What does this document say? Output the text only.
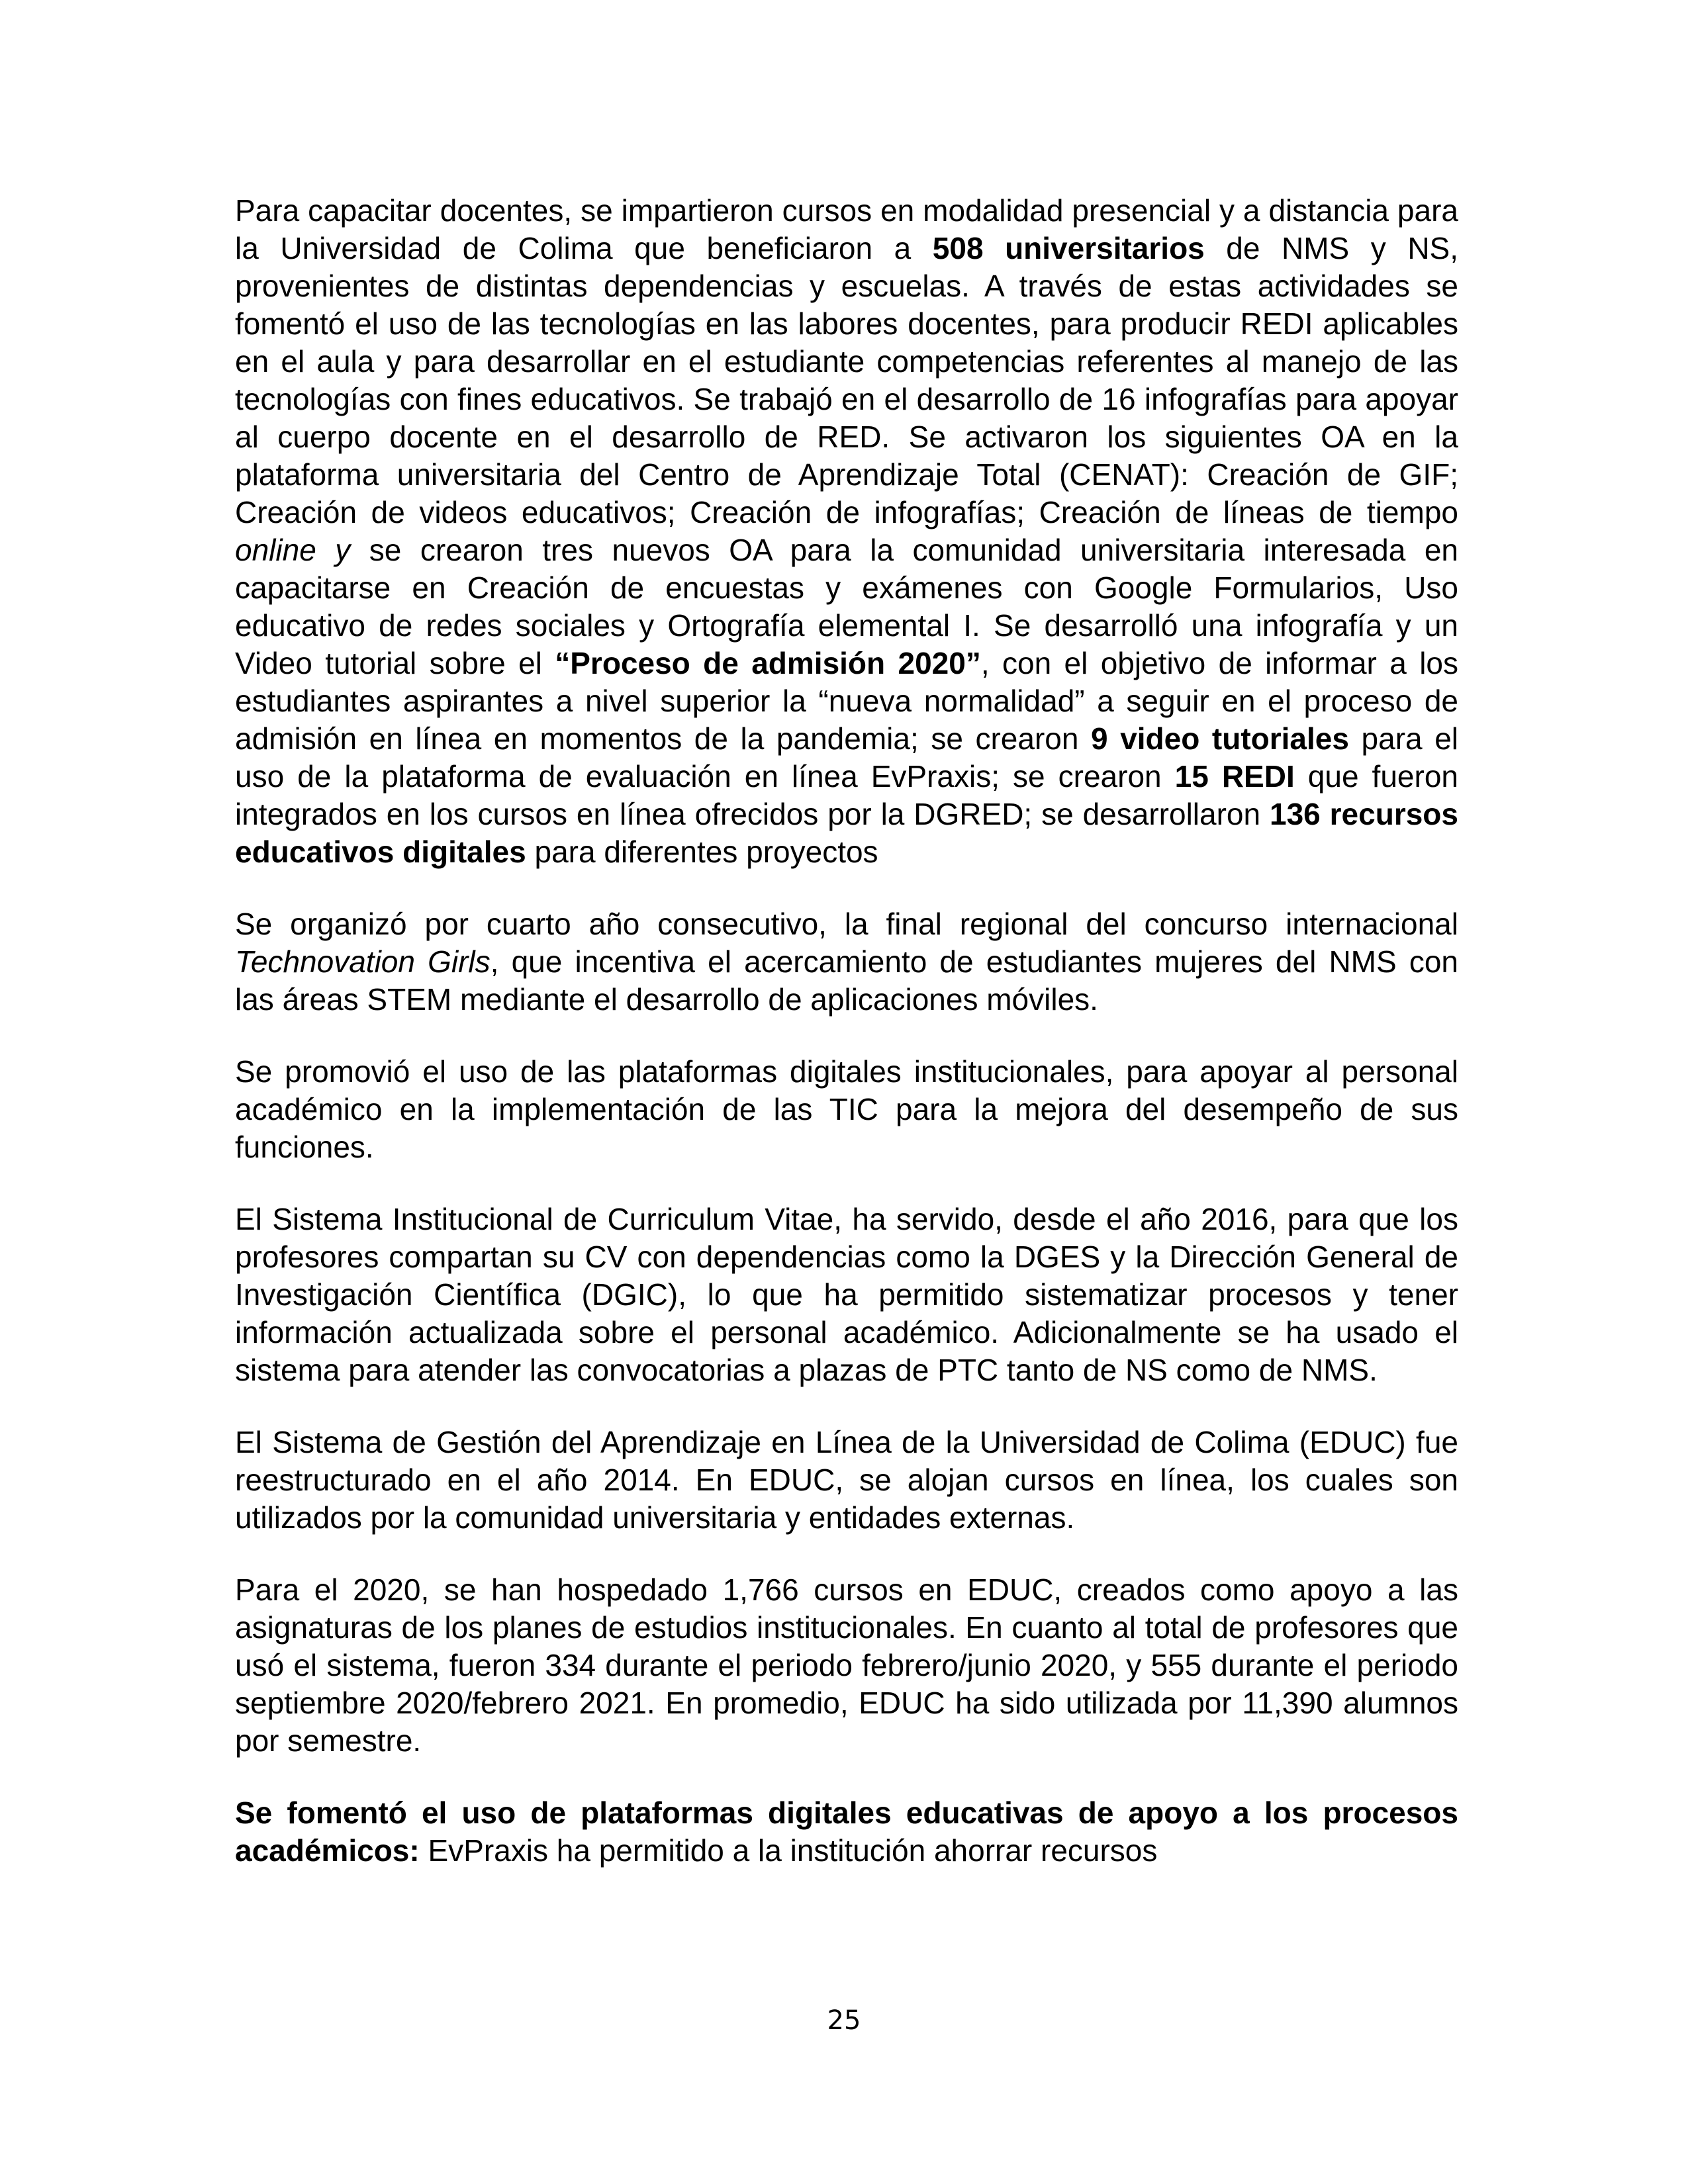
Para capacitar docentes, se impartieron cursos en modalidad presencial y a distancia para la Universidad de Colima que beneficiaron a 508 universitarios de NMS y NS, provenientes de distintas dependencias y escuelas. A través de estas actividades se fomentó el uso de las tecnologías en las labores docentes, para producir REDI aplicables en el aula y para desarrollar en el estudiante competencias referentes al manejo de las tecnologías con fines educativos. Se trabajó en el desarrollo de 16 infografías para apoyar al cuerpo docente en el desarrollo de RED. Se activaron los siguientes OA en la plataforma universitaria del Centro de Aprendizaje Total (CENAT): Creación de GIF; Creación de videos educativos; Creación de infografías; Creación de líneas de tiempo online y se crearon tres nuevos OA para la comunidad universitaria interesada en capacitarse en Creación de encuestas y exámenes con Google Formularios, Uso educativo de redes sociales y Ortografía elemental I. Se desarrolló una infografía y un Video tutorial sobre el “Proceso de admisión 2020”, con el objetivo de informar a los estudiantes aspirantes a nivel superior la “nueva normalidad” a seguir en el proceso de admisión en línea en momentos de la pandemia; se crearon 9 video tutoriales para el uso de la plataforma de evaluación en línea EvPraxis; se crearon 15 REDI que fueron integrados en los cursos en línea ofrecidos por la DGRED; se desarrollaron 136 recursos educativos digitales para diferentes proyectos

Se organizó por cuarto año consecutivo, la final regional del concurso internacional Technovation Girls, que incentiva el acercamiento de estudiantes mujeres del NMS con las áreas STEM mediante el desarrollo de aplicaciones móviles.

Se promovió el uso de las plataformas digitales institucionales, para apoyar al personal académico en la implementación de las TIC para la mejora del desempeño de sus funciones.

El Sistema Institucional de Curriculum Vitae, ha servido, desde el año 2016, para que los profesores compartan su CV con dependencias como la DGES y la Dirección General de Investigación Científica (DGIC), lo que ha permitido sistematizar procesos y tener información actualizada sobre el personal académico. Adicionalmente se ha usado el sistema para atender las convocatorias a plazas de PTC tanto de NS como de NMS.

El Sistema de Gestión del Aprendizaje en Línea de la Universidad de Colima (EDUC) fue reestructurado en el año 2014. En EDUC, se alojan cursos en línea, los cuales son utilizados por la comunidad universitaria y entidades externas.

Para el 2020, se han hospedado 1,766 cursos en EDUC, creados como apoyo a las asignaturas de los planes de estudios institucionales. En cuanto al total de profesores que usó el sistema, fueron 334 durante el periodo febrero/junio 2020, y 555 durante el periodo septiembre 2020/febrero 2021. En promedio, EDUC ha sido utilizada por 11,390 alumnos por semestre.

Se fomentó el uso de plataformas digitales educativas de apoyo a los procesos académicos: EvPraxis ha permitido a la institución ahorrar recursos

25
